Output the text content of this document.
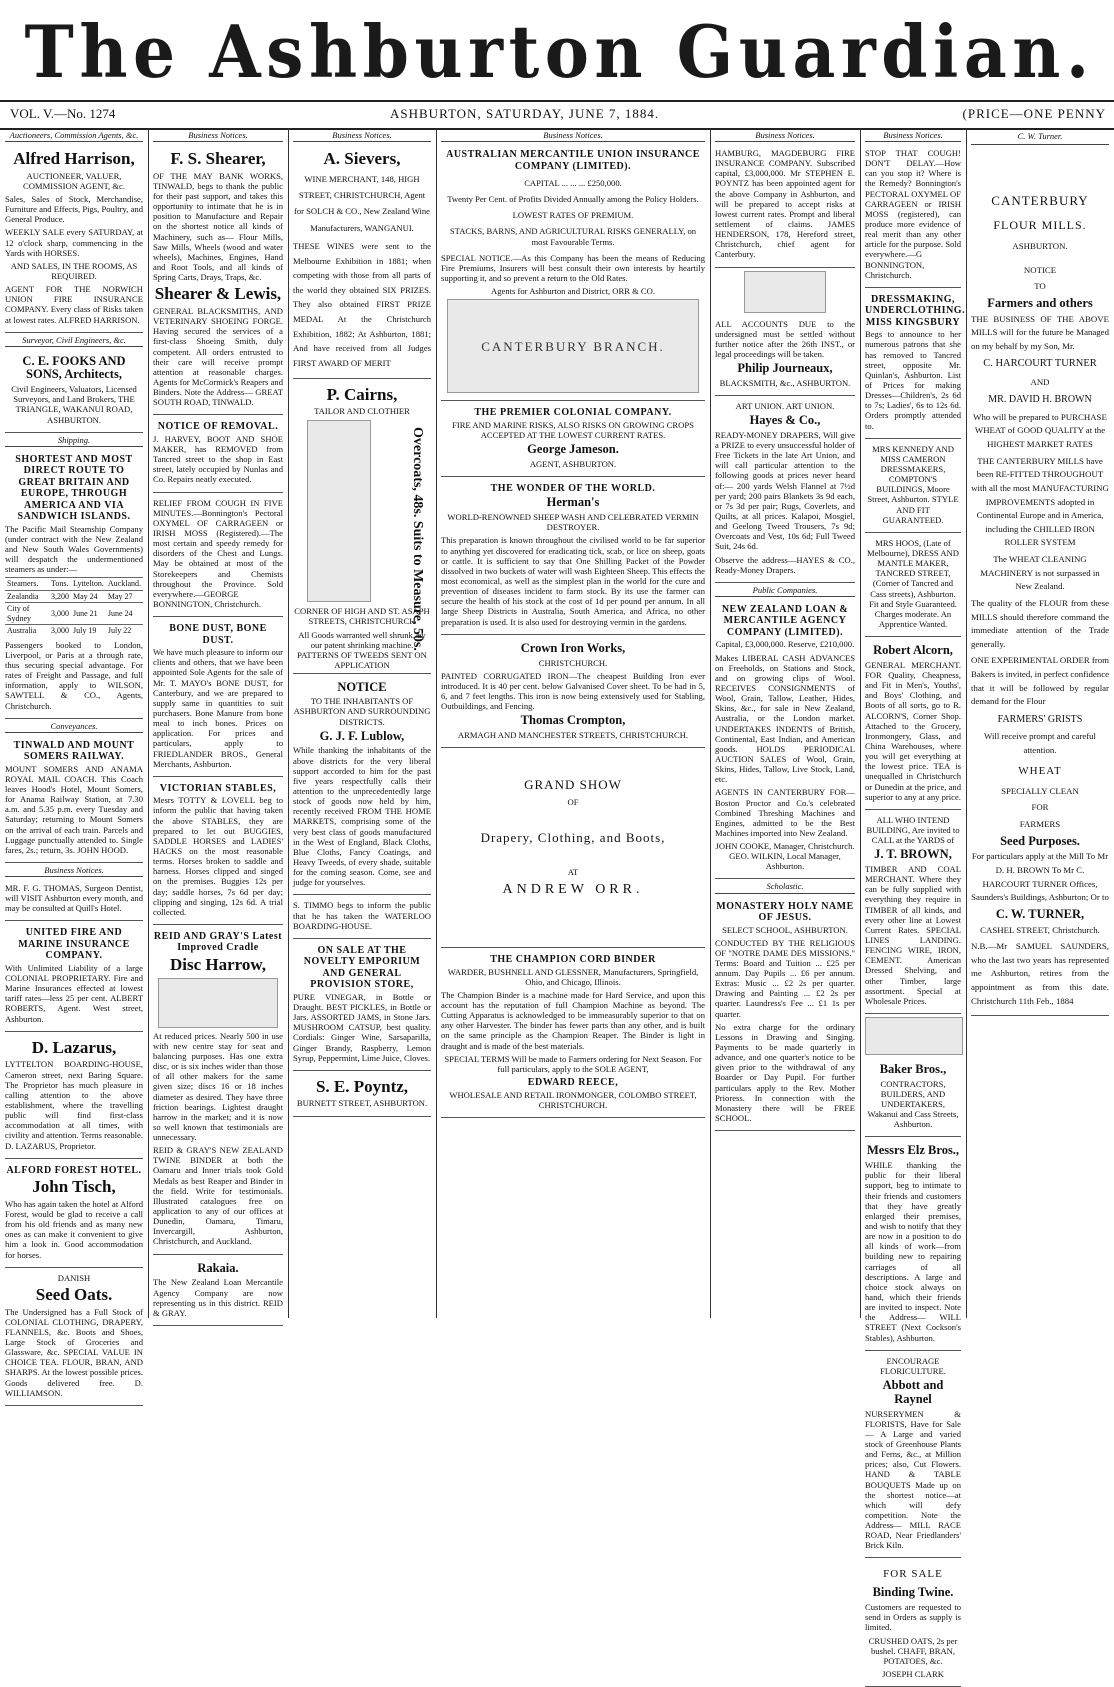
The Ashburton Guardian.
VOL. V.—No. 1274	ASHBURTON, SATURDAY, JUNE 7, 1884.	(PRICE—ONE PENNY
Auctioneers, Commission Agents, &c.
Alfred Harrison,

AUCTIONEER, VALUER, COMMISSION AGENT, &c.

Sales, Sales of Stock, Merchandise, Furniture and Effects, Pigs, Poultry, and General Produce.

WEEKLY SALE every SATURDAY, at 12 o'clock sharp, commencing in the Yards with HORSES.

AND SALES, IN THE ROOMS, AS REQUIRED.

AGENT FOR THE NORWICH UNION FIRE INSURANCE COMPANY. Every class of Risks taken at lowest rates. ALFRED HARRISON.

Surveyor, Civil Engineers, &c.
C. E. FOOKS AND SONS, Architects,

Civil Engineers, Valuators, Licensed Surveyors, and Land Brokers, THE TRIANGLE, WAKANUI ROAD, ASHBURTON.

Shipping.

SHORTEST AND MOST DIRECT ROUTE TO GREAT BRITAIN AND EUROPE, THROUGH AMERICA AND VIA SANDWICH ISLANDS.

The Pacific Mail Steamship Company (under contract with the New Zealand and New South Wales Governments) will despatch the undermentioned steamers as under:—

Steamers.	Tons.	Lyttelton.	Auckland.
Zealandia	3,200	May 24	May 27
City of Sydney	3,000	June 21	June 24
Australia	3,000	July 19	July 22

Passengers booked to London, Liverpool, or Paris at a through rate, thus securing special advantage. For rates of Freight and Passage, and full information, apply to WILSON, SAWTELL & CO., Agents, Christchurch.

Conveyances.

TINWALD AND MOUNT SOMERS RAILWAY.

MOUNT SOMERS AND ANAMA ROYAL MAIL COACH. This Coach leaves Hood's Hotel, Mount Somers, for Anama Railway Station, at 7.30 a.m. and 5.35 p.m. every Tuesday and Saturday; returning to Mount Somers on the arrival of each train. Parcels and Luggage punctually attended to. Single fares, 2s.; return, 3s. JOHN HOOD.

Business Notices.

MR. F. G. THOMAS, Surgeon Dentist, will VISIT Ashburton every month, and may be consulted at Quill's Hotel.

UNITED FIRE AND MARINE INSURANCE COMPANY.

With Unlimited Liability of a large COLONIAL PROPRIETARY. Fire and Marine Insurances effected at lowest tariff rates—less 25 per cent. ALBERT ROBERTS, Agent. West street, Ashburton.

D. Lazarus,

LYTTELTON BOARDING-HOUSE, Cameron street, next Baring Square. The Proprietor has much pleasure in calling attention to the above establishment, where the travelling public will find first-class accommodation at all times, with civility and attention. Terms reasonable. D. LAZARUS, Proprietor.

ALFORD FOREST HOTEL.

John Tisch,

Who has again taken the hotel at Alford Forest, would be glad to receive a call from his old friends and as many new ones as can make it convenient to give him a look in. Good accommodation for horses.

DANISH

Seed Oats.

The Undersigned has a Full Stock of COLONIAL CLOTHING, DRAPERY, FLANNELS, &c. Boots and Shoes, Large Stock of Groceries and Glassware, &c. SPECIAL VALUE IN CHOICE TEA. FLOUR, BRAN, AND SHARPS. At the lowest possible prices. Goods delivered free. D. WILLIAMSON.

Business Notices.
F. S. Shearer,

OF THE MAY BANK WORKS, TINWALD, begs to thank the public for their past support, and takes this opportunity to intimate that he is in position to Manufacture and Repair on the shortest notice all kinds of Machinery, such as— Flour Mills, Saw Mills, Wheels (wood and water wheels), Machines, Engines, Hand and Root Tools, and all kinds of Spring Carts, Drays, Traps, &c.

Shearer & Lewis,

GENERAL BLACKSMITHS, AND VETERINARY SHOEING FORGE. Having secured the services of a first-class Shoeing Smith, duly competent. All orders entrusted to their care will receive prompt attention at reasonable charges. Agents for McCormick's Reapers and Binders. Note the Address— GREAT SOUTH ROAD, TINWALD.

NOTICE OF REMOVAL.

J. HARVEY, BOOT AND SHOE MAKER, has REMOVED from Tancred street to the shop in East street, lately occupied by Nunlas and Co. Repairs neatly executed.

RELIEF FROM COUGH IN FIVE MINUTES.—Bonnington's Pectoral OXYMEL OF CARRAGEEN or IRISH MOSS (Registered).—The most certain and speedy remedy for disorders of the Chest and Lungs. May be obtained at most of the Storekeepers and Chemists throughout the Province. Sold everywhere.—GEORGE BONNINGTON, Christchurch.

BONE DUST, BONE DUST.

We have much pleasure to inform our clients and others, that we have been appointed Sole Agents for the sale of Mr. T. MAYO's BONE DUST, for Canterbury, and we are prepared to supply same in quantities to suit purchasers. Bone Manure from bone meal to inch bones. Prices on application. For prices and particulars, apply to FRIEDLANDER BROS., General Merchants, Ashburton.

VICTORIAN STABLES,

Mesrs TOTTY & LOVELL beg to inform the public that having taken the above STABLES, they are prepared to let out BUGGIES, SADDLE HORSES and LADIES' HACKS on the most reasonable terms. Horses broken to saddle and harness. Horses clipped and singed on the premises. Buggies 12s per day; saddle horses, 7s 6d per day; clipping and singing, 12s 6d. A trial collected.

REID AND GRAY'S Latest Improved Cradle

Disc Harrow,

At reduced prices. Nearly 500 in use with new centre stay for seat and balancing purposes. Has one extra disc, or is six inches wider than those of all other makers for the same given size; discs 16 or 18 inches diameter as desired. They have three friction bearings. Lightest draught harrow in the market; and it is now so well known that testimonials are unnecessary.

REID & GRAY'S NEW ZEALAND TWINE BINDER at both the Oamaru and Inner trials took Gold Medals as best Reaper and Binder in the field. Write for testimonials. Illustrated catalogues free on application to any of our offices at Dunedin, Oamaru, Timaru, Invercargill, Ashburton, Christchurch, and Auckland.

Rakaia.

The New Zealand Loan Mercantile Agency Company are now representing us in this district. REID & GRAY.

Business Notices.
A. Sievers,

WINE MERCHANT, 148, HIGH STREET, CHRISTCHURCH, Agent for SOLCH & CO., New Zealand Wine Manufacturers, WANGANUI.

THESE WINES were sent to the Melbourne Exhibition in 1881; when competing with those from all parts of the world they obtained SIX PRIZES. They also obtained FIRST PRIZE MEDAL At the Christchurch Exhibition, 1882; At Ashburton, 1881; And have received from all Judges FIRST AWARD OF MERIT

P. Cairns,

TAILOR AND CLOTHIER

Overcoats, 48s. Suits to Measure, 50s.

CORNER OF HIGH AND ST. ASAPH STREETS, CHRISTCHURCH

All Goods warranted well shrunk, by our patent shrinking machine. PATTERNS OF TWEEDS SENT ON APPLICATION

NOTICE

TO THE INHABITANTS OF ASHBURTON AND SURROUNDING DISTRICTS.

G. J. F. Lublow,

While thanking the inhabitants of the above districts for the very liberal support accorded to him for the past five years respectfully calls their attention to the unprecedentedly large stock of goods now held by him, recently received FROM THE HOME MARKETS, comprising some of the very best class of goods manufactured in the West of England, Black Cloths, Blue Cloths, Fancy Coatings, and Heavy Tweeds, of every shade, suitable for the coming season. Come, see and judge for yourselves.

S. TIMMO begs to inform the public that he has taken the WATERLOO BOARDING-HOUSE.

ON SALE AT THE NOVELTY EMPORIUM AND GENERAL PROVISION STORE,

PURE VINEGAR, in Bottle or Draught. BEST PICKLES, in Bottle or Jars. ASSORTED JAMS, in Stone Jars. MUSHROOM CATSUP, best quality. Cordials: Ginger Wine, Sarsaparilla, Ginger Brandy, Raspberry, Lemon Syrup, Peppermint, Lime Juice, Cloves.

S. E. Poyntz,

BURNETT STREET, ASHBURTON.

Business Notices.

AUSTRALIAN MERCANTILE UNION INSURANCE COMPANY (LIMITED).

CAPITAL ... ... ... £250,000.

Twenty Per Cent. of Profits Divided Annually among the Policy Holders.

LOWEST RATES OF PREMIUM.

STACKS, BARNS, AND AGRICULTURAL RISKS GENERALLY, on most Favourable Terms.

SPECIAL NOTICE.—As this Company has been the means of Reducing Fire Premiums, Insurers will best consult their own interests by heartily supporting it, and so prevent a return to the Old Rates.

Agents for Ashburton and District, ORR & CO.

CANTERBURY BRANCH.

THE PREMIER COLONIAL COMPANY.

FIRE AND MARINE RISKS, ALSO RISKS ON GROWING CROPS ACCEPTED AT THE LOWEST CURRENT RATES.

George Jameson.

AGENT, ASHBURTON.

THE WONDER OF THE WORLD.

Herman's

WORLD-RENOWNED SHEEP WASH AND CELEBRATED VERMIN DESTROYER.

This preparation is known throughout the civilised world to be far superior to anything yet discovered for eradicating tick, scab, or lice on sheep, goats or cattle. It is sufficient to say that One Shilling Packet of the Powder dissolved in two buckets of water will wash Eighteen Sheep. This effects the most economical, as well as the simplest plan in the world for the cure and prevention of diseases incident to farm stock. By its use the farmer can secure the health of his stock at the cost of 1d per pound per annum. In all large Sheep Districts in Australia, South America, and Africa, no other preparation is used. It is also used for destroying vermin in the gardens.

Crown Iron Works,

CHRISTCHURCH.

PAINTED CORRUGATED IRON—The cheapest Building Iron ever introduced. It is 40 per cent. below Galvanised Cover sheet. To be had in 5, 6, and 7 feet lengths. This iron is now being extensively used for Stabling, Outbuildings, and Fencing.

Thomas Crompton,

ARMAGH AND MANCHESTER STREETS, CHRISTCHURCH.

GRAND SHOW

OF

Drapery, Clothing, and Boots,

AT

ANDREW ORR.

THE CHAMPION CORD BINDER

WARDER, BUSHNELL AND GLESSNER, Manufacturers, Springfield, Ohio, and Chicago, Illinois.

The Champion Binder is a machine made for Hard Service, and upon this account has the reputation of full Champion Machine as beyond. The Cutting Apparatus is acknowledged to be immeasurably superior to that on any other Harvester. The binder has fewer parts than any other, and is built on the same principle as the Champion Reaper. The Binder is light in draught and is made of the best materials.

SPECIAL TERMS Will be made to Farmers ordering for Next Season. For full particulars, apply to the SOLE AGENT,

EDWARD REECE,

WHOLESALE AND RETAIL IRONMONGER, COLOMBO STREET, CHRISTCHURCH.

Business Notices.

HAMBURG, MAGDEBURG FIRE INSURANCE COMPANY. Subscribed capital, £3,000,000. Mr STEPHEN E. POYNTZ has been appointed agent for the above Company in Ashburton, and will be prepared to accept risks at lowest current rates. Prompt and liberal settlement of claims. JAMES HENDERSON, 178, Hereford street, Christchurch, chief agent for Canterbury.

ALL ACCOUNTS DUE to the undersigned must be settled without further notice after the 26th INST., or legal proceedings will be taken.

Philip Journeaux,

BLACKSMITH, &c., ASHBURTON.

ART UNION. ART UNION.

Hayes & Co.,

READY-MONEY DRAPERS, Will give a PRIZE to every unsuccessful holder of Free Tickets in the late Art Union, and will call particular attention to the following goods at prices never heard of:— 200 yards Welsh Flannel at 7½d per yard; 200 pairs Blankets 3s 9d each, or 7s 3d per pair; Rugs, Coverlets, and Quilts, at all prices. Kalapoi, Mosgiel, and Geelong Tweed Trousers, 7s 9d; Overcoats and Vest, 10s 6d; Full Tweed Suit, 24s 6d.

Observe the address—HAYES & CO., Ready-Money Drapers.

Public Companies.

NEW ZEALAND LOAN & MERCANTILE AGENCY COMPANY (LIMITED).

Capital, £3,000,000. Reserve, £210,000.

Makes LIBERAL CASH ADVANCES on Freeholds, on Stations and Stock, and on growing clips of Wool. RECEIVES CONSIGNMENTS of Wool, Grain, Tallow, Leather, Hides, Skins, &c., for sale in New Zealand, Australia, or the London market. UNDERTAKES INDENTS of British, Continental, East Indian, and American goods. HOLDS PERIODICAL AUCTION SALES of Wool, Grain, Skins, Hides, Tallow, Live Stock, Land, etc.

AGENTS IN CANTERBURY FOR— Boston Proctor and Co.'s celebrated Combined Threshing Machines and Engines, admitted to be the Best Machines imported into New Zealand.

JOHN COOKE, Manager, Christchurch. GEO. WILKIN, Local Manager, Ashburton.

Scholastic.

MONASTERY HOLY NAME OF JESUS.

SELECT SCHOOL, ASHBURTON.

CONDUCTED BY THE RELIGIOUS OF "NOTRE DAME DES MISSIONS." Terms: Board and Tuition ... £25 per annum. Day Pupils ... £6 per annum. Extras: Music ... £2 2s per quarter. Drawing and Painting ... £2 2s per quarter. Laundress's Fee ... £1 1s per quarter.

No extra charge for the ordinary Lessons in Drawing and Singing. Payments to be made quarterly in advance, and one quarter's notice to be given prior to the withdrawal of any Boarder or Day Pupil. For further particulars apply to the Rev. Mother Prioress. In connection with the Monastery there will be FREE SCHOOL.

Business Notices.

STOP THAT COUGH! DON'T DELAY.—How can you stop it? Where is the Remedy? Bonnington's PECTORAL OXYMEL OF CARRAGEEN or IRISH MOSS (registered), can produce more evidence of real merit than any other article for the purpose. Sold everywhere.—G BONNINGTON, Christchurch.

DRESSMAKING, UNDERCLOTHING. MISS KINGSBURY

Begs to announce to her numerous patrons that she has removed to Tancred street, opposite Mr. Quinlan's, Ashburton. List of Prices for making Dresses—Children's, 2s 6d to 7s; Ladies', 6s to 12s 6d. Orders promptly attended to.

MRS KENNEDY AND MISS CAMERON DRESSMAKERS, COMPTON'S BUILDINGS, Moore Street, Ashburton. STYLE AND FIT GUARANTEED.

MRS HOOS, (Late of Melbourne), DRESS AND MANTLE MAKER, TANCRED STREET, (Corner of Tancred and Cass streets), Ashburton. Fit and Style Guaranteed. Charges moderate. An Apprentice Wanted.

Robert Alcorn,

GENERAL MERCHANT. FOR Quality, Cheapness, and Fit in Men's, Youths', and Boys' Clothing, and Boots of all sorts, go to R. ALCORN'S, Corner Shop. Attached to the Grocery, Ironmongery, Glass, and China Warehouses, where you will get everything at the lowest price. TEA is unequalled in Christchurch or Dunedin at the price, and superior to any at any price.

ALL WHO INTEND BUILDING, Are invited to CALL at the YARDS of

J. T. BROWN,

TIMBER AND COAL MERCHANT. Where they can be fully supplied with everything they require in TIMBER of all kinds, and every other line at Lowest Current Rates. SPECIAL LINES LANDING. FENCING WIRE, IRON, CEMENT. American Dressed Shelving, and other Timber, large assortment. Special at Wholesale Prices.

Baker Bros.,

CONTRACTORS, BUILDERS, AND UNDERTAKERS, Wakanui and Cass Streets, Ashburton.

Messrs Elz Bros.,

WHILE thanking the public for their liberal support, beg to intimate to their friends and customers that they have greatly enlarged their premises, and wish to notify that they are now in a position to do all kinds of work—from building new to repairing carriages of all descriptions. A large and choice stock always on hand, which their friends are invited to inspect. Note the Address— WILL STREET (Next Cockson's Stables), Ashburton.

ENCOURAGE FLORICULTURE.

Abbott and Raynel

NURSERYMEN & FLORISTS, Have for Sale— A Large and varied stock of Greenhouse Plants and Ferns, &c., at Million prices; also, Cut Flowers. HAND & TABLE BOUQUETS Made up on the shortest notice—at which will defy competition. Note the Address— MILL RACE ROAD, Near Friedlanders' Brick Kiln.

FOR SALE

Binding Twine.

Customers are requested to send in Orders as supply is limited.

CRUSHED OATS, 2s per bushel. CHAFF, BRAN, POTATOES, &c.

JOSEPH CLARK

C. W. Turner.

CANTERBURY

FLOUR MILLS.

ASHBURTON.

NOTICE

TO

Farmers and others

THE BUSINESS OF THE ABOVE MILLS will for the future be Managed on my behalf by my Son, Mr.

C. HARCOURT TURNER

AND

MR. DAVID H. BROWN

Who will be prepared to PURCHASE WHEAT of GOOD QUALITY at the HIGHEST MARKET RATES

THE CANTERBURY MILLS have been RE-FITTED THROUGHOUT with all the most MANUFACTURING IMPROVEMENTS adopted in Continental Europe and in America, including the CHILLED IRON ROLLER SYSTEM

The WHEAT CLEANING MACHINERY is not surpassed in New Zealand.

The quality of the FLOUR from these MILLS should therefore command the immediate attention of the Trade generally.

ONE EXPERIMENTAL ORDER from Bakers is invited, in perfect confidence that it will be followed by regular demand for the Flour

FARMERS' GRISTS

Will receive prompt and careful attention.

WHEAT

SPECIALLY CLEAN

FOR

FARMERS

Seed Purposes.

For particulars apply at the Mill To Mr D. H. BROWN To Mr C. HARCOURT TURNER Offices, Saunders's Buildings, Ashburton; Or to

C. W. TURNER,

CASHEL STREET, Christchurch.

N.B.—Mr SAMUEL SAUNDERS, who the last two years has represented me Ashburton, retires from the appointment as from this date. Christchurch 11th Feb., 1884
